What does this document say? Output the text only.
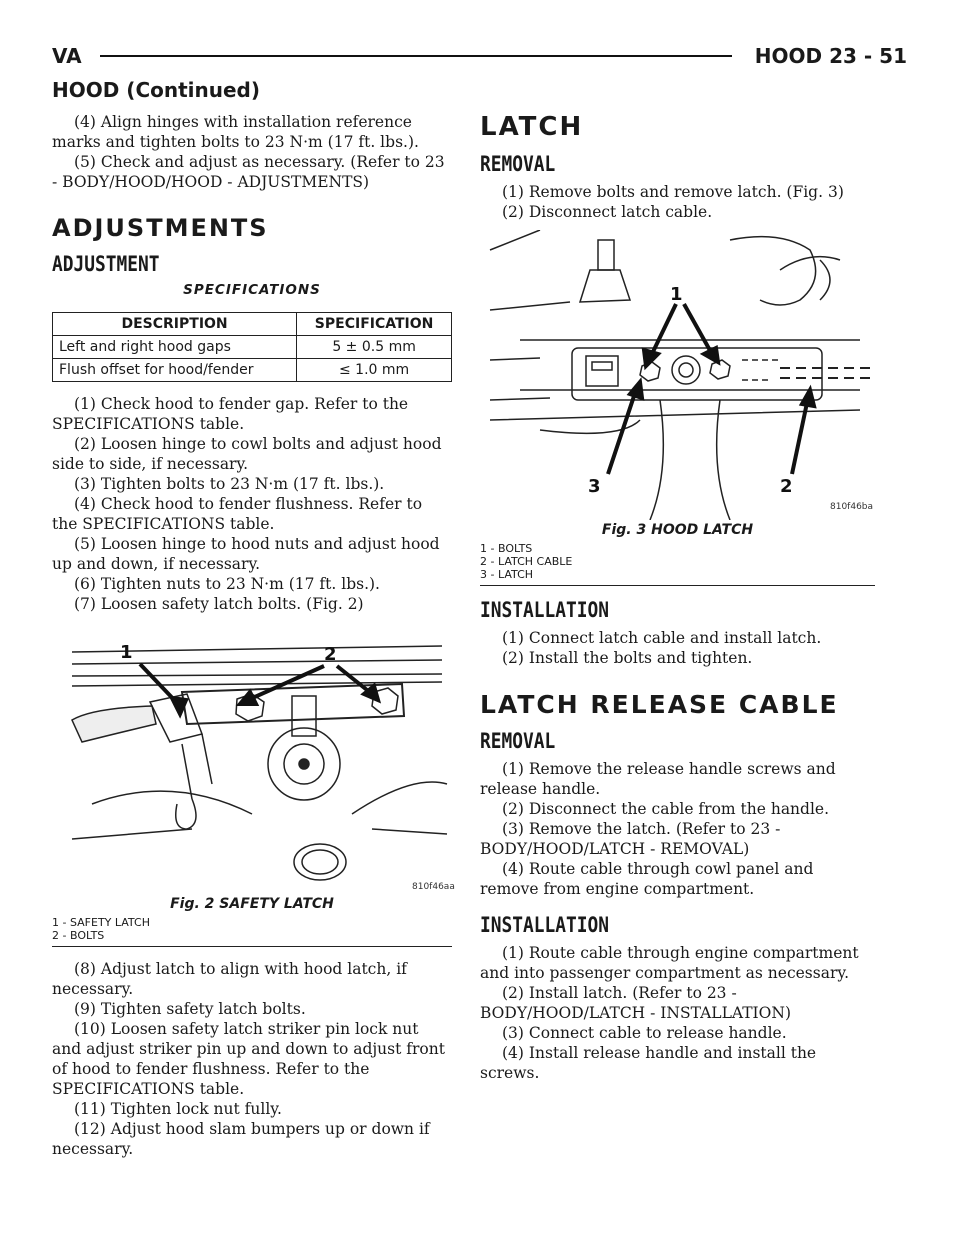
VA	HOOD 23 - 51
HOOD (Continued)

(4) Align hinges with installation reference marks and tighten bolts to 23 N·m (17 ft. lbs.).

(5) Check and adjust as necessary. (Refer to 23 - BODY/HOOD/HOOD - ADJUSTMENTS)

ADJUSTMENTS
ADJUSTMENT
SPECIFICATIONS
DESCRIPTION	SPECIFICATION
Left and right hood gaps	5 ± 0.5 mm
Flush offset for hood/fender	≤ 1.0 mm

(1) Check hood to fender gap. Refer to the SPECIFICATIONS table.

(2) Loosen hinge to cowl bolts and adjust hood side to side, if necessary.

(3) Tighten bolts to 23 N·m (17 ft. lbs.).

(4) Check hood to fender flushness. Refer to the SPECIFICATIONS table.

(5) Loosen hinge to hood nuts and adjust hood up and down, if necessary.

(6) Tighten nuts to 23 N·m (17 ft. lbs.).

(7) Loosen safety latch bolts. (Fig. 2)

1	2
810f46aa
Fig. 2 SAFETY LATCH
1 - SAFETY LATCH
2 - BOLTS

(8) Adjust latch to align with hood latch, if necessary.

(9) Tighten safety latch bolts.

(10) Loosen safety latch striker pin lock nut and adjust striker pin up and down to adjust front of hood to fender flushness. Refer to the SPECIFICATIONS table.

(11) Tighten lock nut fully.

(12) Adjust hood slam bumpers up or down if necessary.

LATCH
REMOVAL

(1) Remove bolts and remove latch. (Fig. 3)

(2) Disconnect latch cable.

1
2
3
810f46ba
Fig. 3 HOOD LATCH
1 - BOLTS
2 - LATCH CABLE
3 - LATCH
INSTALLATION

(1) Connect latch cable and install latch.

(2) Install the bolts and tighten.

LATCH RELEASE CABLE
REMOVAL

(1) Remove the release handle screws and release handle.

(2) Disconnect the cable from the handle.

(3) Remove the latch. (Refer to 23 - BODY/HOOD/LATCH - REMOVAL)

(4) Route cable through cowl panel and remove from engine compartment.

INSTALLATION

(1) Route cable through engine compartment and into passenger compartment as necessary.

(2) Install latch. (Refer to 23 - BODY/HOOD/LATCH - INSTALLATION)

(3) Connect cable to release handle.

(4) Install release handle and install the screws.
